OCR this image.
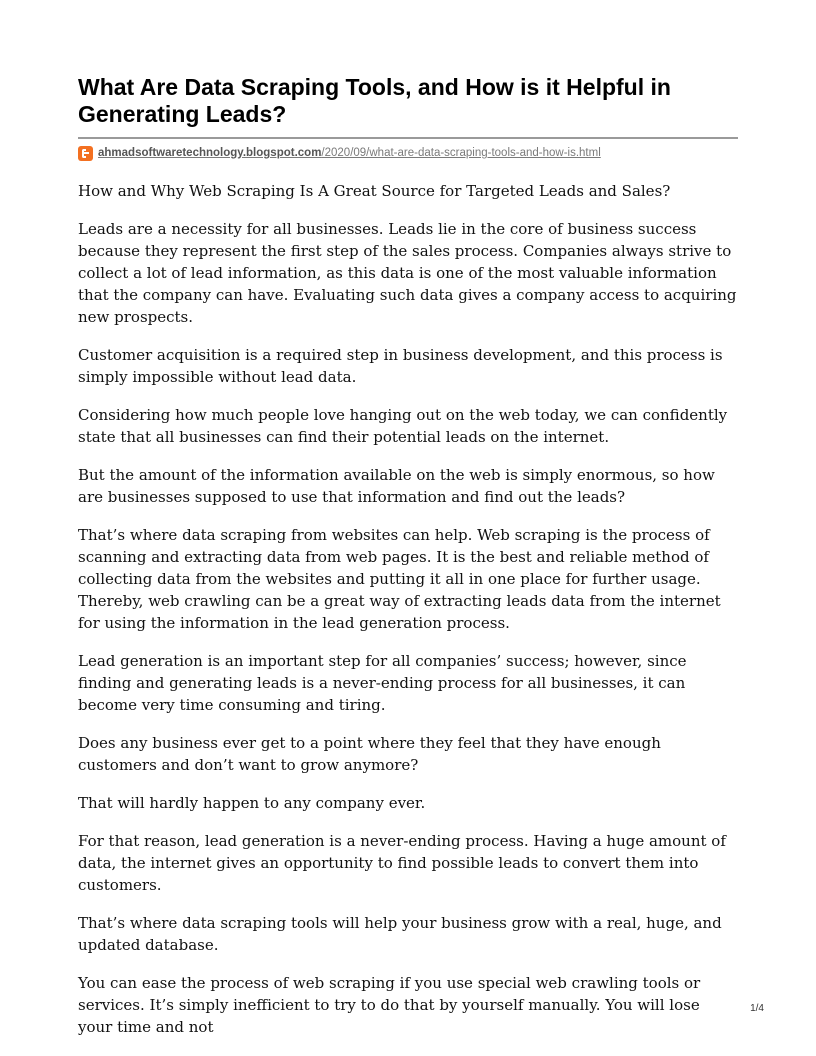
What Are Data Scraping Tools, and How is it Helpful in Generating Leads?
ahmadsoftwaretechnology.blogspot.com/2020/09/what-are-data-scraping-tools-and-how-is.html

How and Why Web Scraping Is A Great Source for Targeted Leads and Sales?

Leads are a necessity for all businesses. Leads lie in the core of business success because they represent the first step of the sales process. Companies always strive to collect a lot of lead information, as this data is one of the most valuable information that the company can have. Evaluating such data gives a company access to acquiring new prospects.

Customer acquisition is a required step in business development, and this process is simply impossible without lead data.

Considering how much people love hanging out on the web today, we can confidently state that all businesses can find their potential leads on the internet.

But the amount of the information available on the web is simply enormous, so how are businesses supposed to use that information and find out the leads?

That’s where data scraping from websites can help. Web scraping is the process of scanning and extracting data from web pages. It is the best and reliable method of collecting data from the websites and putting it all in one place for further usage. Thereby, web crawling can be a great way of extracting leads data from the internet for using the information in the lead generation process.

Lead generation is an important step for all companies’ success; however, since finding and generating leads is a never-ending process for all businesses, it can become very time consuming and tiring.

Does any business ever get to a point where they feel that they have enough customers and don’t want to grow anymore?

That will hardly happen to any company ever.

For that reason, lead generation is a never-ending process. Having a huge amount of data, the internet gives an opportunity to find possible leads to convert them into customers.

That’s where data scraping tools will help your business grow with a real, huge, and updated database.

You can ease the process of web scraping if you use special web crawling tools or services. It’s simply inefficient to try to do that by yourself manually. You will lose your time and not

1/4
